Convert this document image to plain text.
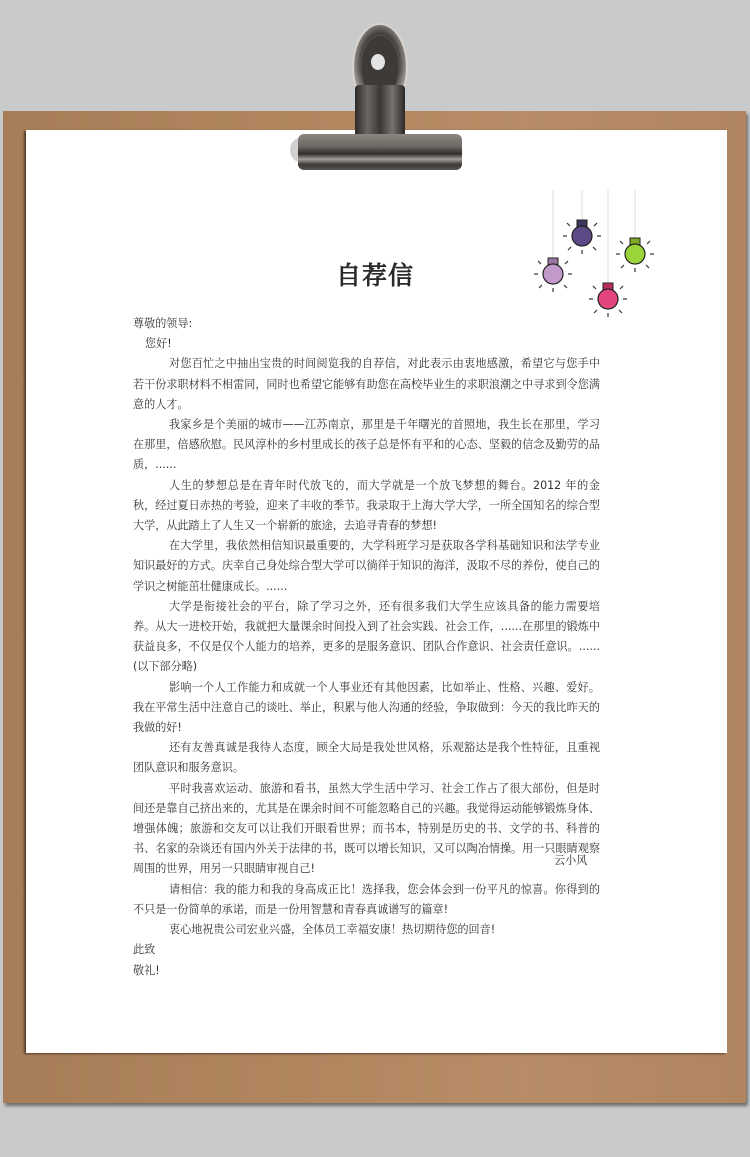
自荐信

尊敬的领导:

您好!

对您百忙之中抽出宝贵的时间阅览我的自荐信，对此表示由衷地感激，希望它与您手中若干份求职材料不相雷同，同时也希望它能够有助您在高校毕业生的求职浪潮之中寻求到令您满意的人才。

我家乡是个美丽的城市——江苏南京，那里是千年曙光的首照地，我生长在那里，学习在那里，倍感欣慰。民风淳朴的乡村里成长的孩子总是怀有平和的心态、坚毅的信念及勤劳的品质，......

人生的梦想总是在青年时代放飞的，而大学就是一个放飞梦想的舞台。2012 年的金秋，经过夏日赤热的考验，迎来了丰收的季节。我录取于上海大学大学，一所全国知名的综合型大学，从此踏上了人生又一个崭新的旅途，去追寻青春的梦想!

在大学里，我依然相信知识最重要的，大学科班学习是获取各学科基础知识和法学专业知识最好的方式。庆幸自己身处综合型大学可以徜徉于知识的海洋，汲取不尽的养份，使自己的学识之树能茁壮健康成长。......

大学是衔接社会的平台，除了学习之外，还有很多我们大学生应该具备的能力需要培养。从大一进校开始，我就把大量课余时间投入到了社会实践、社会工作，......在那里的锻炼中获益良多，不仅是仅个人能力的培养，更多的是服务意识、团队合作意识、社会责任意识。......(以下部分略)

影响一个人工作能力和成就一个人事业还有其他因素，比如举止、性格、兴趣、爱好。我在平常生活中注意自己的谈吐、举止，积累与他人沟通的经验，争取做到：今天的我比昨天的我做的好!

还有友善真诚是我待人态度，顾全大局是我处世风格，乐观豁达是我个性特征，且重视团队意识和服务意识。

平时我喜欢运动、旅游和看书，虽然大学生活中学习、社会工作占了很大部份，但是时间还是靠自己挤出来的，尤其是在课余时间不可能忽略自己的兴趣。我觉得运动能够锻炼身体、增强体魄；旅游和交友可以让我们开眼看世界；而书本，特别是历史的书、文学的书、科普的书、名家的杂谈还有国内外关于法律的书，既可以增长知识，又可以陶冶情操。用一只眼睛观察周围的世界，用另一只眼睛审视自己!

请相信：我的能力和我的身高成正比！选择我，您会体会到一份平凡的惊喜。你得到的不只是一份简单的承诺，而是一份用智慧和青春真诚谱写的篇章!

衷心地祝贵公司宏业兴盛，全体员工幸福安康！热切期待您的回音!

此致

敬礼!

云小风
